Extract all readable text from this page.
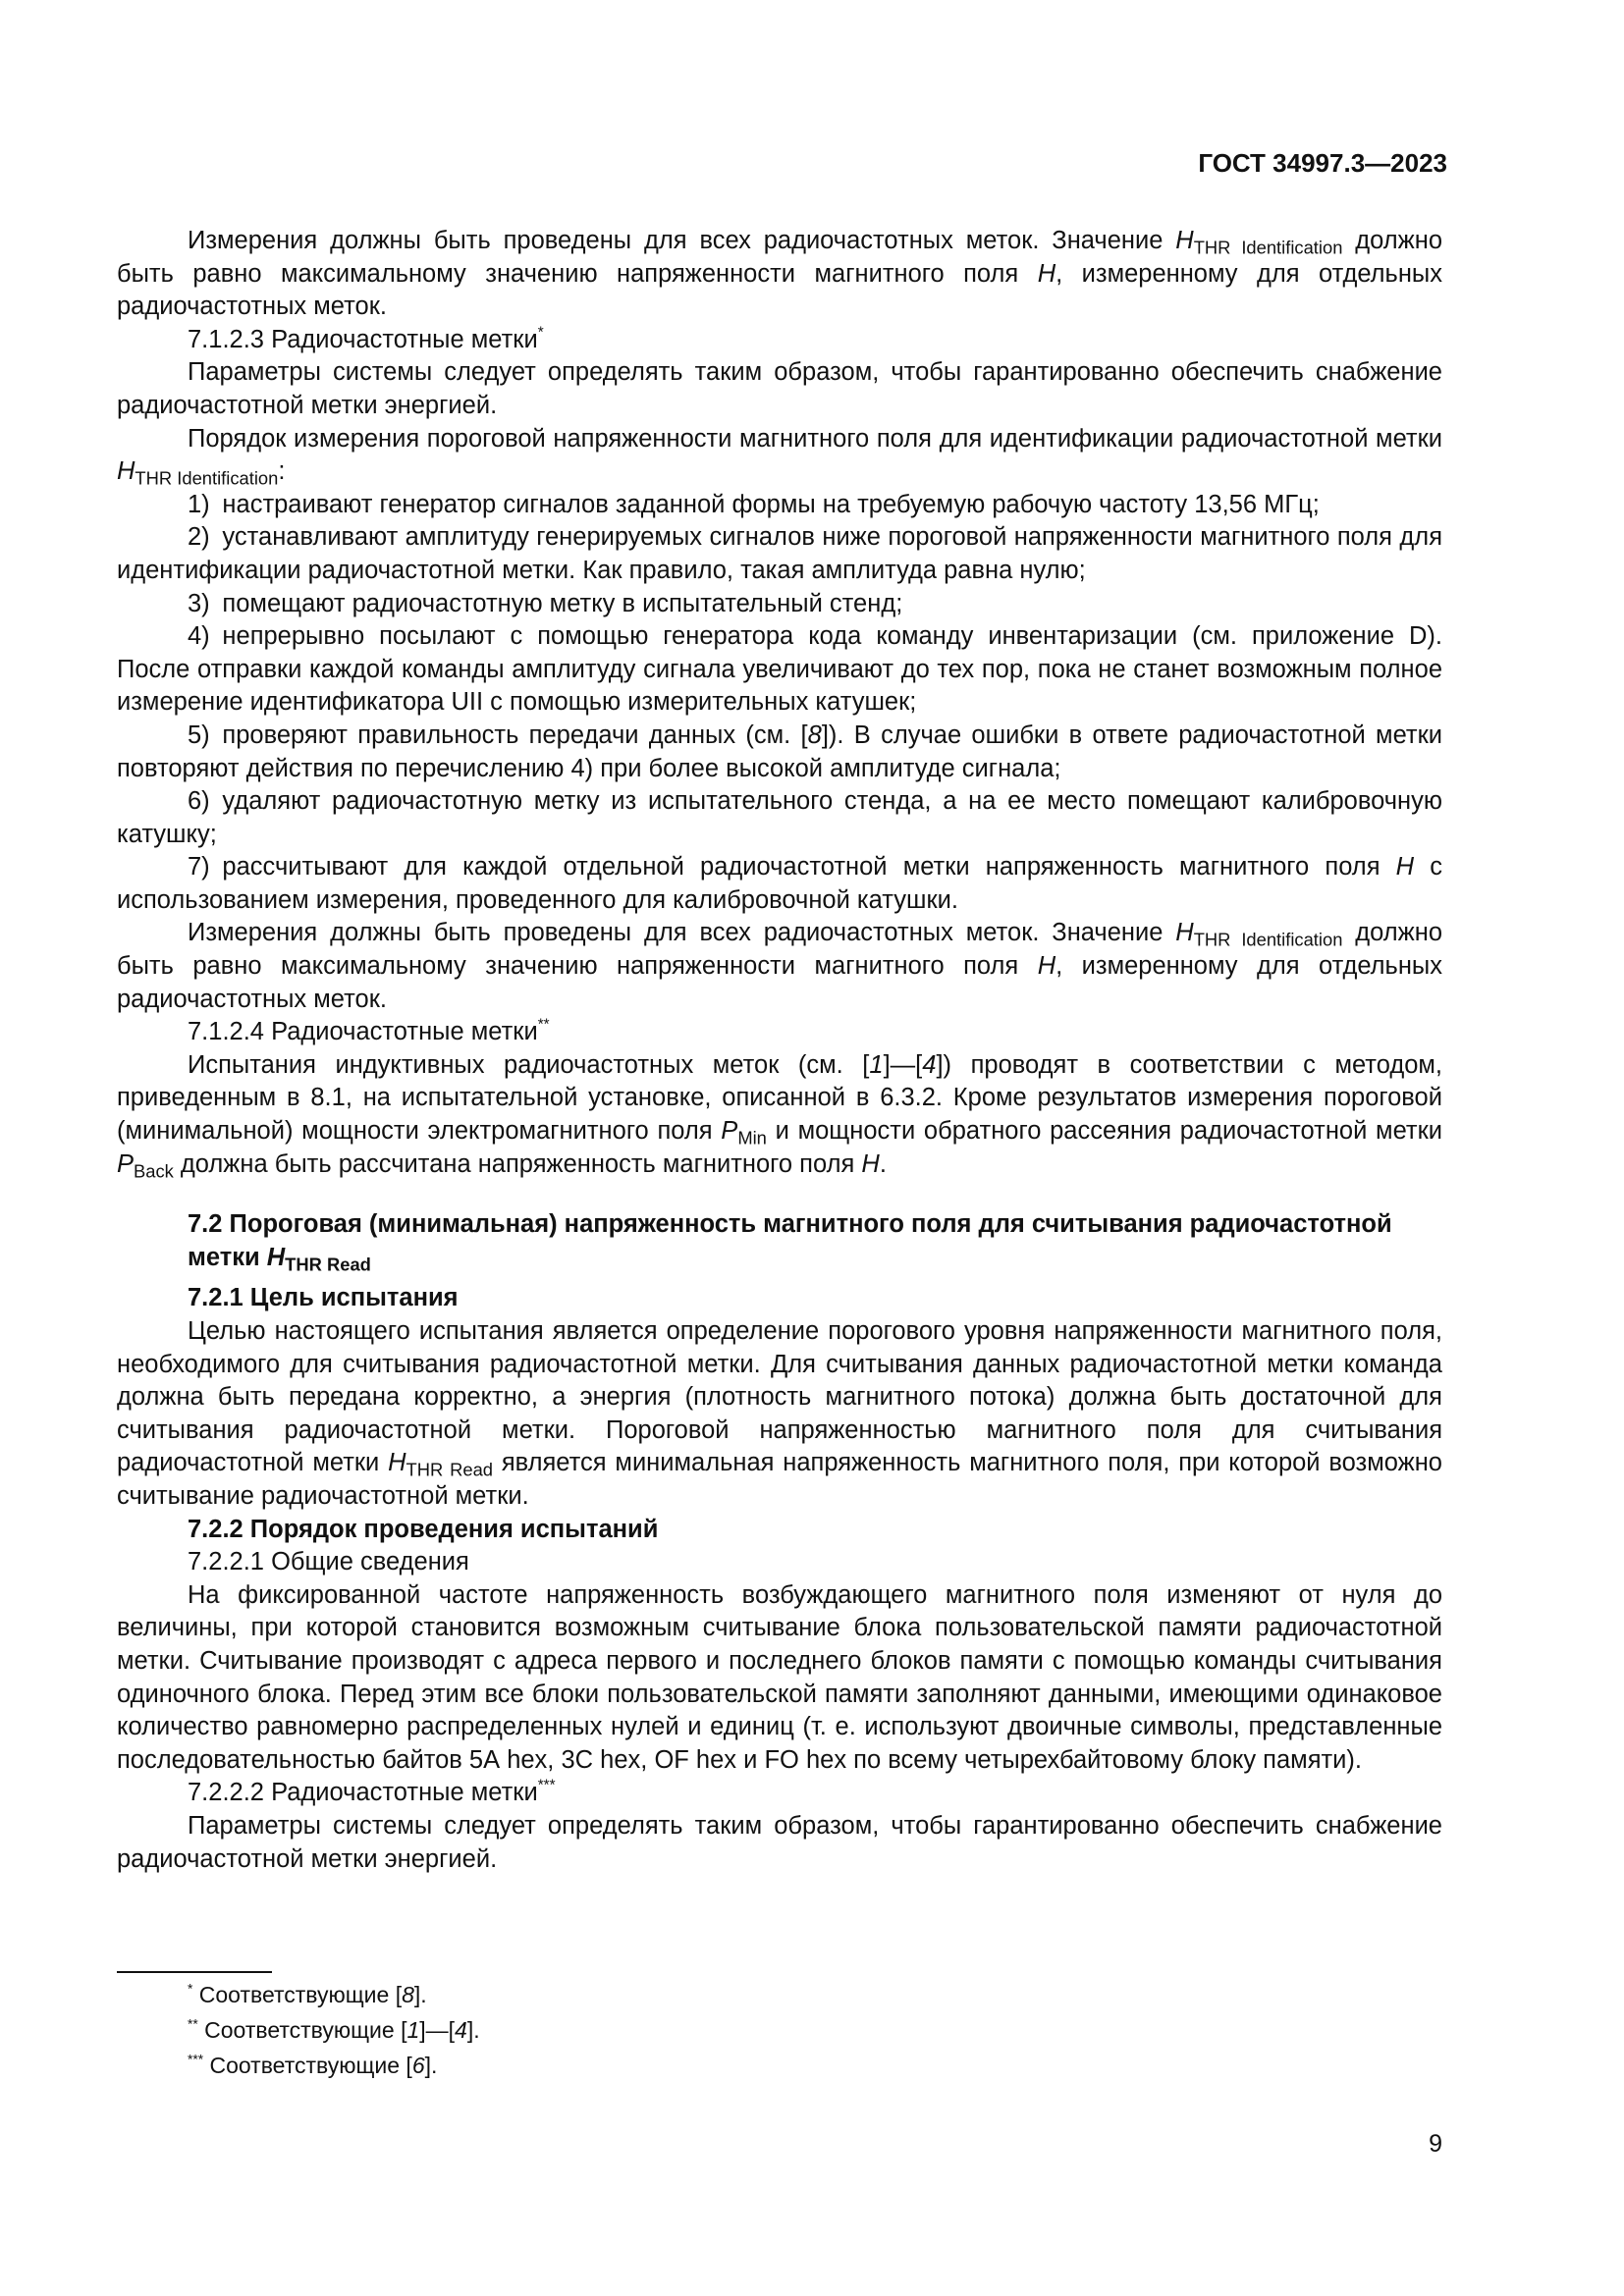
ГОСТ 34997.3—2023

Измерения должны быть проведены для всех радиочастотных меток. Значение $H_{THR Identification}$ должно быть равно максимальному значению напряженности магнитного поля H, измеренному для отдельных радиочастотных меток.

7.1.2.3 Радиочастотные метки*

Параметры системы следует определять таким образом, чтобы гарантированно обеспечить снабжение радиочастотной метки энергией.

Порядок измерения пороговой напряженности магнитного поля для идентификации радиочастотной метки $H_{THR Identification}$:

1) настраивают генератор сигналов заданной формы на требуемую рабочую частоту 13,56 МГц;

2) устанавливают амплитуду генерируемых сигналов ниже пороговой напряженности магнитного поля для идентификации радиочастотной метки. Как правило, такая амплитуда равна нулю;

3) помещают радиочастотную метку в испытательный стенд;

4) непрерывно посылают с помощью генератора кода команду инвентаризации (см. приложение D). После отправки каждой команды амплитуду сигнала увеличивают до тех пор, пока не станет возможным полное измерение идентификатора UII с помощью измерительных катушек;

5) проверяют правильность передачи данных (см. [8]). В случае ошибки в ответе радиочастотной метки повторяют действия по перечислению 4) при более высокой амплитуде сигнала;

6) удаляют радиочастотную метку из испытательного стенда, а на ее место помещают калибровочную катушку;

7) рассчитывают для каждой отдельной радиочастотной метки напряженность магнитного поля H с использованием измерения, проведенного для калибровочной катушки.

Измерения должны быть проведены для всех радиочастотных меток. Значение $H_{THR Identification}$ должно быть равно максимальному значению напряженности магнитного поля H, измеренному для отдельных радиочастотных меток.

7.1.2.4 Радиочастотные метки**

Испытания индуктивных радиочастотных меток (см. [1]—[4]) проводят в соответствии с методом, приведенным в 8.1, на испытательной установке, описанной в 6.3.2. Кроме результатов измерения пороговой (минимальной) мощности электромагнитного поля $P_{Min}$ и мощности обратного рассеяния радиочастотной метки $P_{Back}$ должна быть рассчитана напряженность магнитного поля H.

7.2 Пороговая (минимальная) напряженность магнитного поля для считывания радиочастотной метки $H_{THR Read}$
7.2.1 Цель испытания

Целью настоящего испытания является определение порогового уровня напряженности магнитного поля, необходимого для считывания радиочастотной метки. Для считывания данных радиочастотной метки команда должна быть передана корректно, а энергия (плотность магнитного потока) должна быть достаточной для считывания радиочастотной метки. Пороговой напряженностью магнитного поля для считывания радиочастотной метки $H_{THR Read}$ является минимальная напряженность магнитного поля, при которой возможно считывание радиочастотной метки.

7.2.2 Порядок проведения испытаний

7.2.2.1 Общие сведения

На фиксированной частоте напряженность возбуждающего магнитного поля изменяют от нуля до величины, при которой становится возможным считывание блока пользовательской памяти радиочастотной метки. Считывание производят с адреса первого и последнего блоков памяти с помощью команды считывания одиночного блока. Перед этим все блоки пользовательской памяти заполняют данными, имеющими одинаковое количество равномерно распределенных нулей и единиц (т. е. используют двоичные символы, представленные последовательностью байтов 5А hex, 3С hex, OF hex и FO hex по всему четырехбайтовому блоку памяти).

7.2.2.2 Радиочастотные метки***

Параметры системы следует определять таким образом, чтобы гарантированно обеспечить снабжение радиочастотной метки энергией.

* Соответствующие [8].
** Соответствующие [1]—[4].
*** Соответствующие [6].
9
